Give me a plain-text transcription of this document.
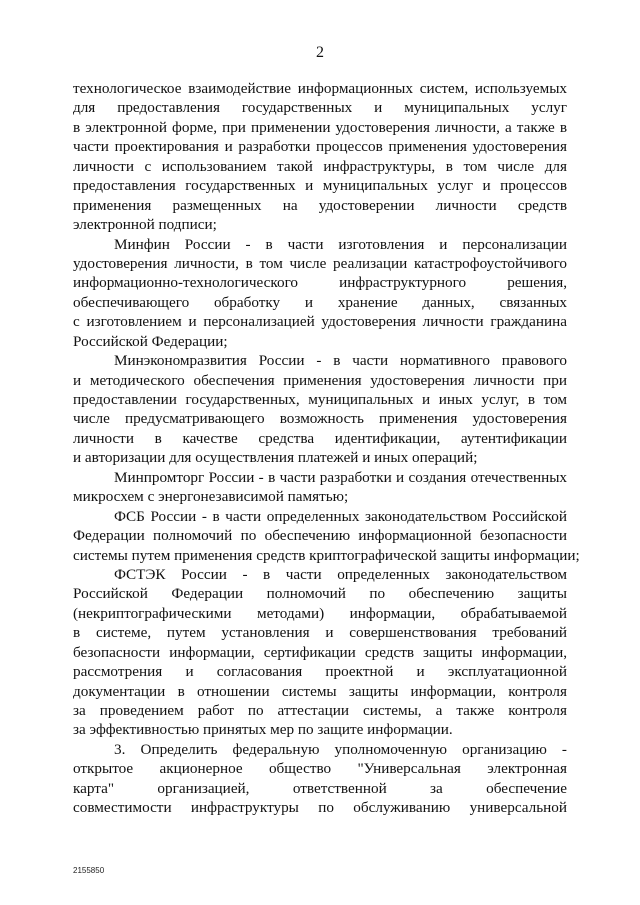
2
технологическое взаимодействие информационных систем, используемых
для предоставления государственных и муниципальных услуг
в электронной форме, при применении удостоверения личности, а также в
части проектирования и разработки процессов применения удостоверения
личности с использованием такой инфраструктуры, в том числе для
предоставления государственных и муниципальных услуг и процессов
применения размещенных на удостоверении личности средств
электронной подписи;
Минфин России - в части изготовления и персонализации
удостоверения личности, в том числе реализации катастрофоустойчивого
информационно-технологического инфраструктурного решения,
обеспечивающего обработку и хранение данных, связанных
с изготовлением и персонализацией удостоверения личности гражданина
Российской Федерации;
Минэкономразвития России - в части нормативного правового
и методического обеспечения применения удостоверения личности при
предоставлении государственных, муниципальных и иных услуг, в том
числе предусматривающего возможность применения удостоверения
личности в качестве средства идентификации, аутентификации
и авторизации для осуществления платежей и иных операций;
Минпромторг России - в части разработки и создания отечественных
микросхем с энергонезависимой памятью;
ФСБ России - в части определенных законодательством Российской
Федерации полномочий по обеспечению информационной безопасности
системы путем применения средств криптографической защиты информации;
ФСТЭК России - в части определенных законодательством
Российской Федерации полномочий по обеспечению защиты
(некриптографическими методами) информации, обрабатываемой
в системе, путем установления и совершенствования требований
безопасности информации, сертификации средств защиты информации,
рассмотрения и согласования проектной и эксплуатационной
документации в отношении системы защиты информации, контроля
за проведением работ по аттестации системы, а также контроля
за эффективностью принятых мер по защите информации.
3. Определить федеральную уполномоченную организацию -
открытое акционерное общество "Универсальная электронная
карта" организацией, ответственной за обеспечение
совместимости инфраструктуры по обслуживанию универсальной
2155850
